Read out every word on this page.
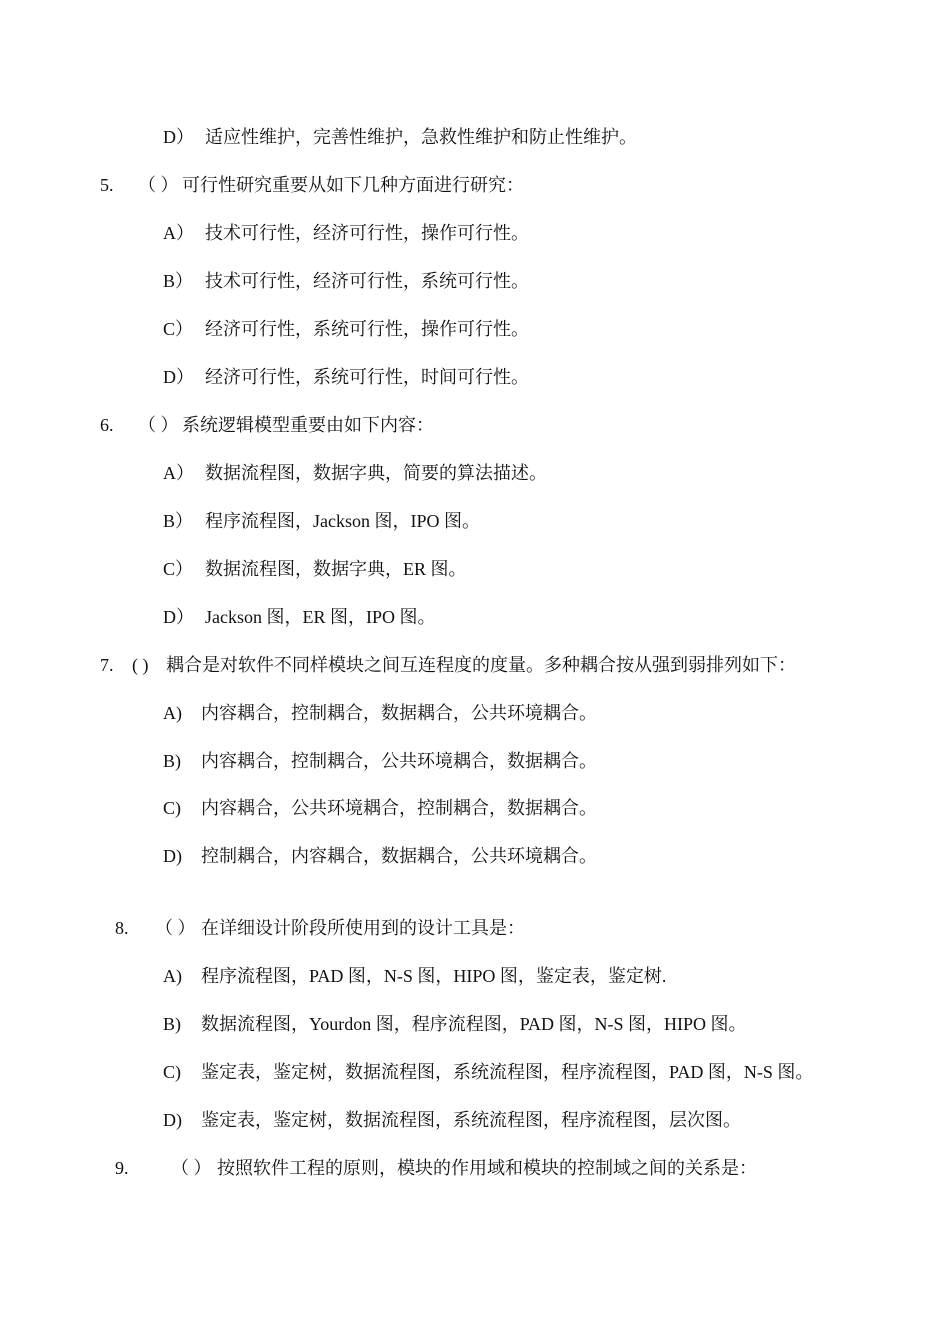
D） 适应性维护，完善性维护，急救性维护和防止性维护。
5. （ ） 可行性研究重要从如下几种方面进行研究：
A） 技术可行性，经济可行性，操作可行性。
B） 技术可行性，经济可行性，系统可行性。
C） 经济可行性，系统可行性，操作可行性。
D） 经济可行性，系统可行性，时间可行性。
6. （ ） 系统逻辑模型重要由如下内容：
A） 数据流程图，数据字典，简要的算法描述。
B） 程序流程图，Jackson 图，IPO 图。
C） 数据流程图，数据字典，ER 图。
D） Jackson 图，ER 图，IPO 图。
7. ( ) 耦合是对软件不同样模块之间互连程度的度量。多种耦合按从强到弱排列如下：
A) 内容耦合，控制耦合，数据耦合，公共环境耦合。
B) 内容耦合，控制耦合，公共环境耦合，数据耦合。
C) 内容耦合，公共环境耦合，控制耦合，数据耦合。
D) 控制耦合，内容耦合，数据耦合，公共环境耦合。
8. （ ） 在详细设计阶段所使用到的设计工具是：
A) 程序流程图，PAD 图，N-S 图，HIPO 图，鉴定表，鉴定树.
B) 数据流程图，Yourdon 图，程序流程图，PAD 图，N-S 图，HIPO 图。
C) 鉴定表，鉴定树，数据流程图，系统流程图，程序流程图，PAD 图，N-S 图。
D) 鉴定表，鉴定树，数据流程图，系统流程图，程序流程图，层次图。
9. （ ） 按照软件工程的原则，模块的作用域和模块的控制域之间的关系是：
